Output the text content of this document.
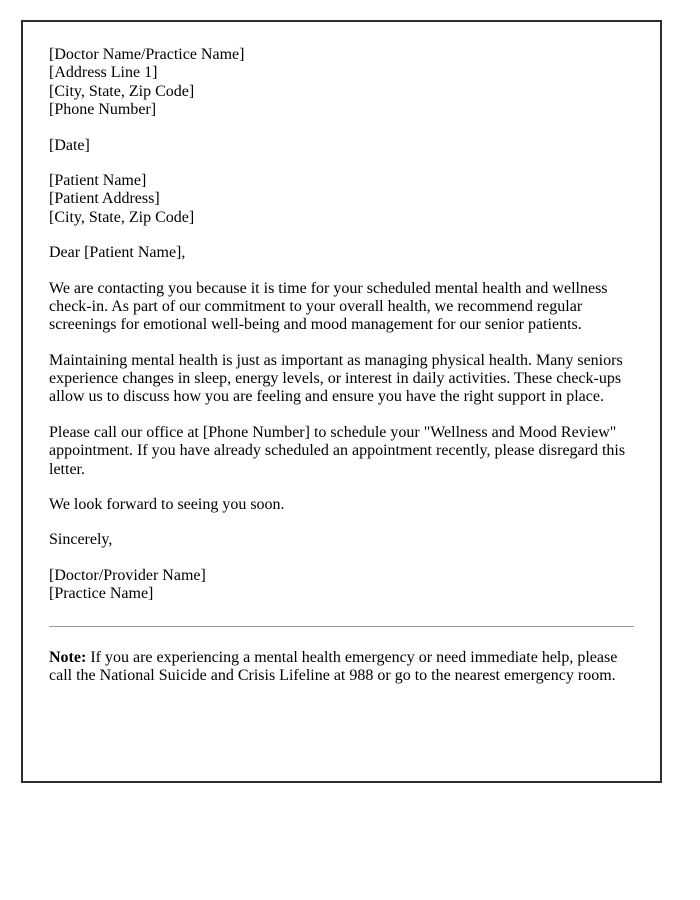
[Doctor Name/Practice Name]
[Address Line 1]
[City, State, Zip Code]
[Phone Number]
[Date]
[Patient Name]
[Patient Address]
[City, State, Zip Code]
Dear [Patient Name],

We are contacting you because it is time for your scheduled mental health and wellness check-in. As part of our commitment to your overall health, we recommend regular screenings for emotional well-being and mood management for our senior patients.

Maintaining mental health is just as important as managing physical health. Many seniors experience changes in sleep, energy levels, or interest in daily activities. These check-ups allow us to discuss how you are feeling and ensure you have the right support in place.

Please call our office at [Phone Number] to schedule your "Wellness and Mood Review" appointment. If you have already scheduled an appointment recently, please disregard this letter.

We look forward to seeing you soon.

Sincerely,
[Doctor/Provider Name]
[Practice Name]

Note: If you are experiencing a mental health emergency or need immediate help, please call the National Suicide and Crisis Lifeline at 988 or go to the nearest emergency room.
